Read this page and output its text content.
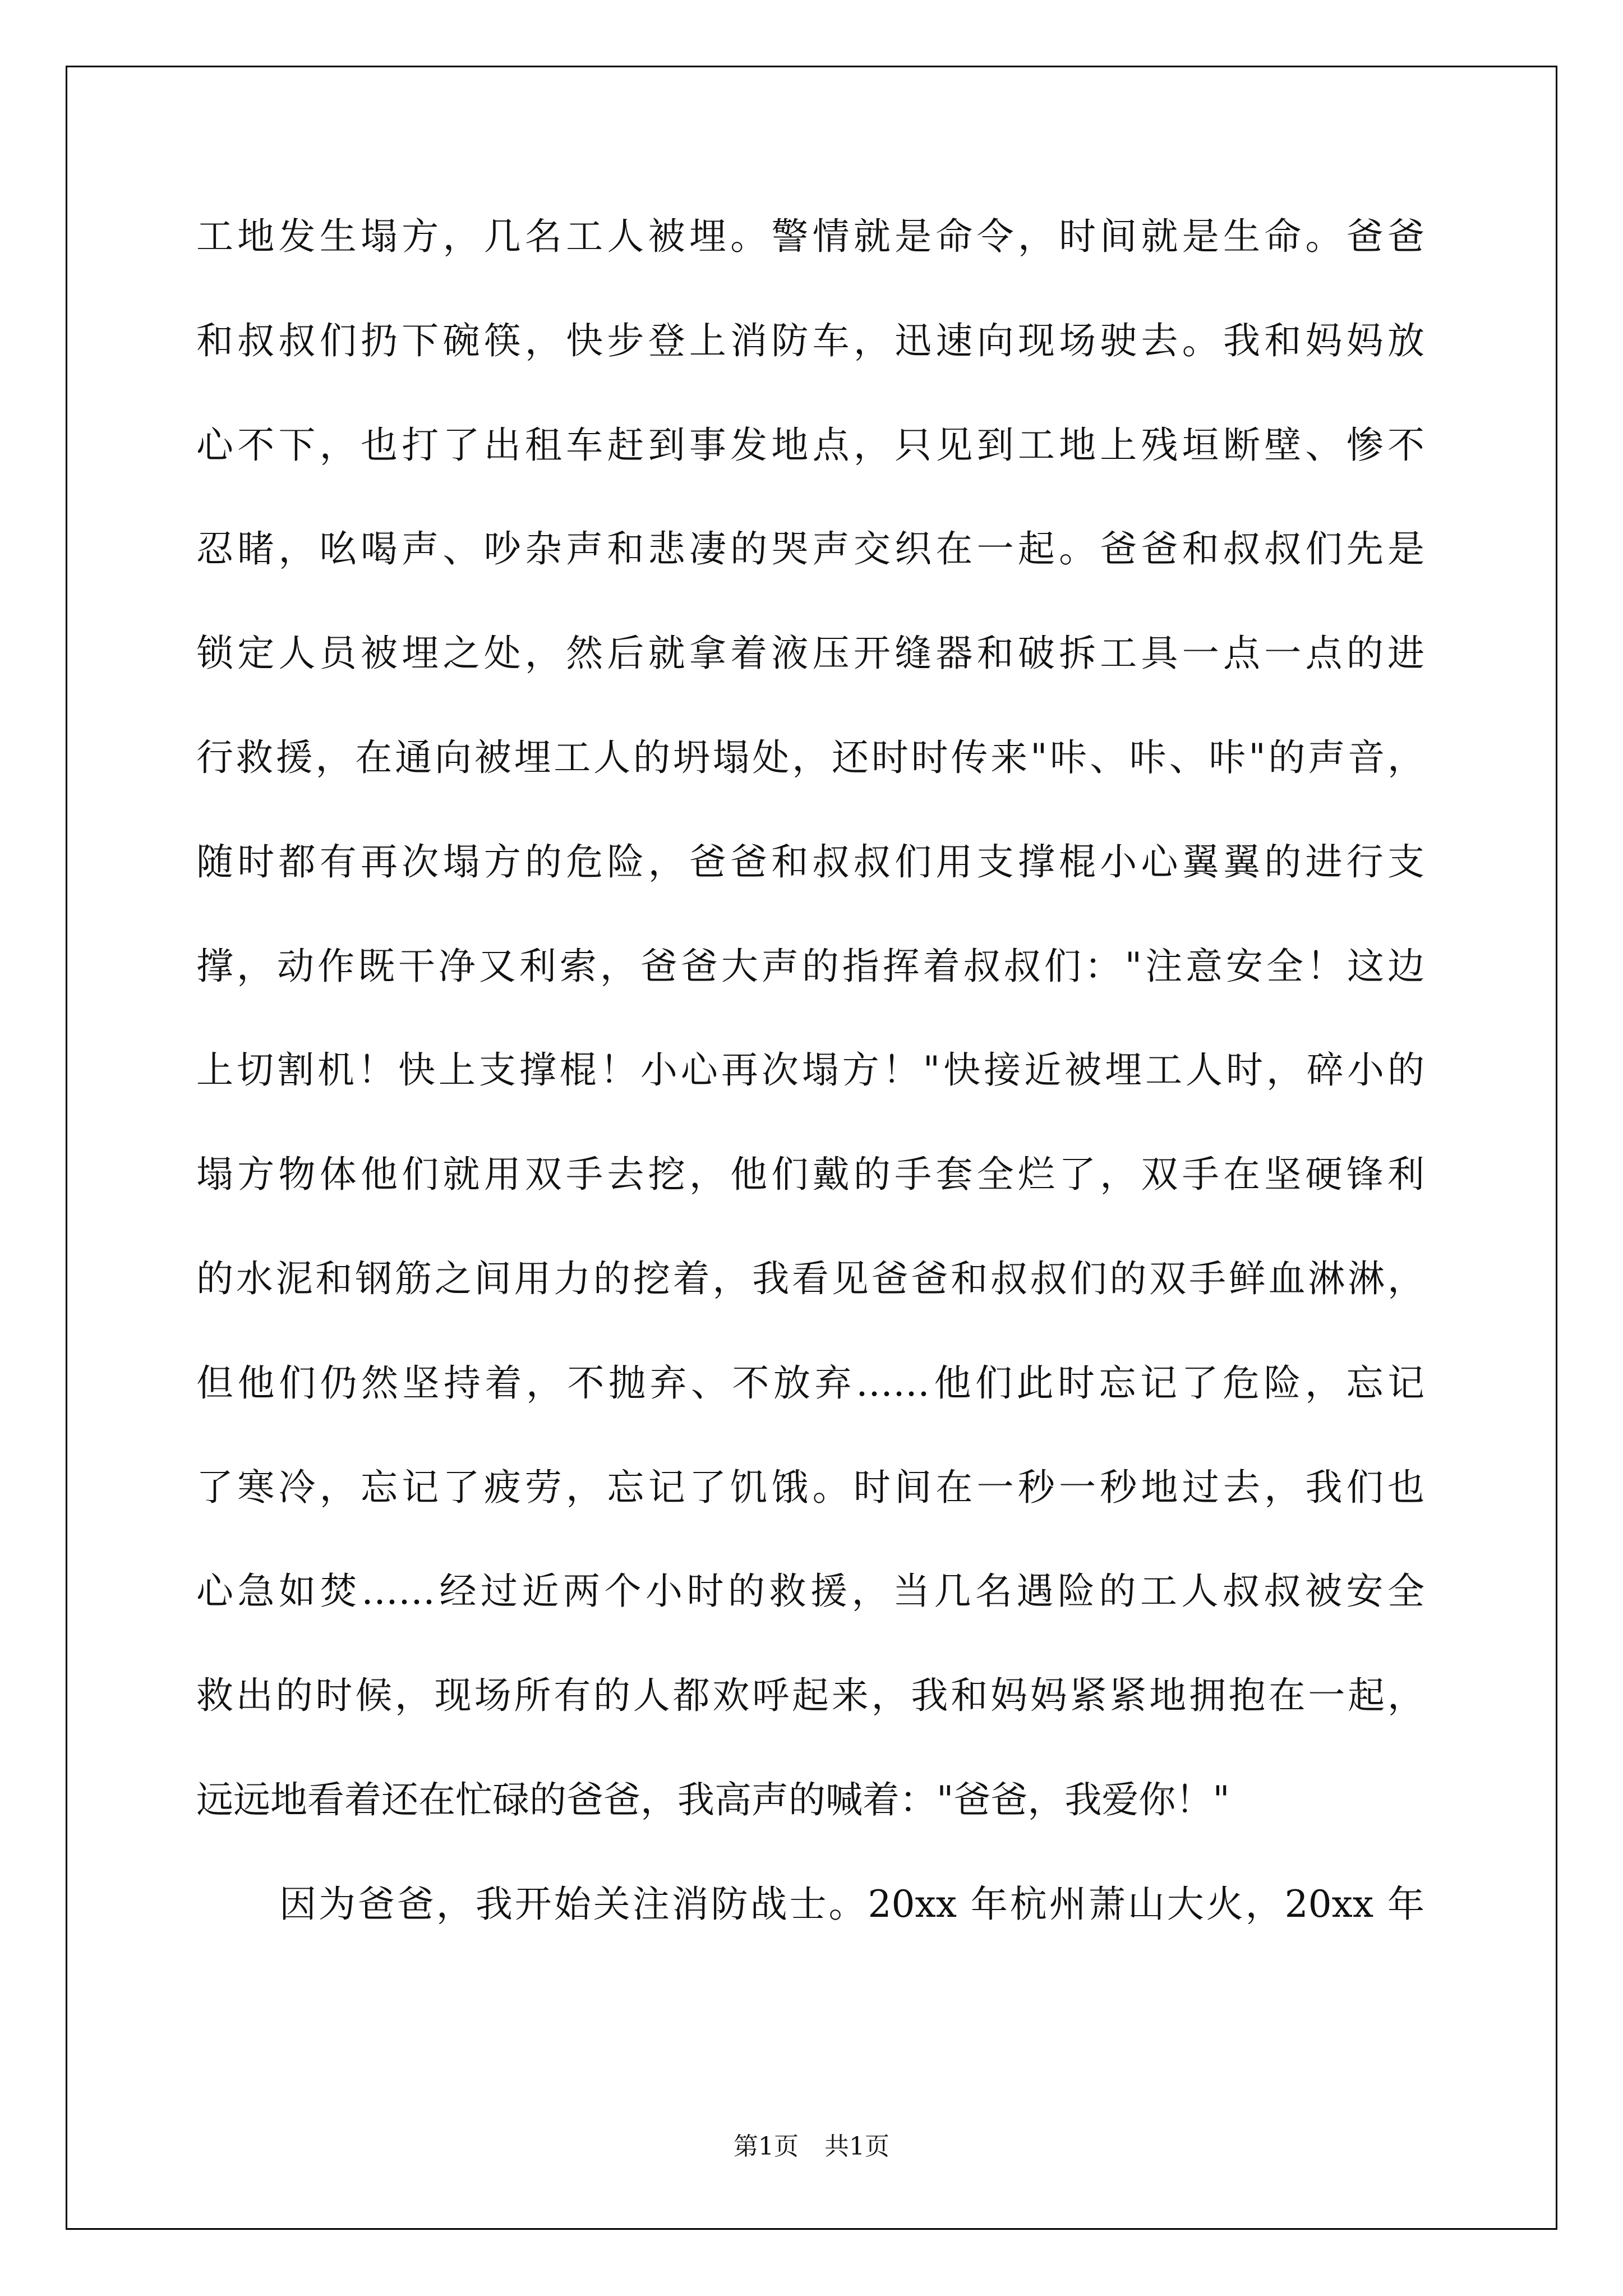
工地发生塌方，几名工人被埋。警情就是命令，时间就是生命。爸爸
和叔叔们扔下碗筷，快步登上消防车，迅速向现场驶去。我和妈妈放
心不下，也打了出租车赶到事发地点，只见到工地上残垣断壁、惨不
忍睹，吆喝声、吵杂声和悲凄的哭声交织在一起。爸爸和叔叔们先是
锁定人员被埋之处，然后就拿着液压开缝器和破拆工具一点一点的进
行救援，在通向被埋工人的坍塌处，还时时传来"咔、咔、咔"的声音，
随时都有再次塌方的危险，爸爸和叔叔们用支撑棍小心翼翼的进行支
撑，动作既干净又利索，爸爸大声的指挥着叔叔们："注意安全！这边
上切割机！快上支撑棍！小心再次塌方！"快接近被埋工人时，碎小的
塌方物体他们就用双手去挖，他们戴的手套全烂了，双手在坚硬锋利
的水泥和钢筋之间用力的挖着，我看见爸爸和叔叔们的双手鲜血淋淋，
但他们仍然坚持着，不抛弃、不放弃……他们此时忘记了危险，忘记
了寒冷，忘记了疲劳，忘记了饥饿。时间在一秒一秒地过去，我们也
心急如焚……经过近两个小时的救援，当几名遇险的工人叔叔被安全
救出的时候，现场所有的人都欢呼起来，我和妈妈紧紧地拥抱在一起，
远远地看着还在忙碌的爸爸，我高声的喊着："爸爸，我爱你！"
因为爸爸，我开始关注消防战士。20xx 年杭州萧山大火，20xx 年
第1页 共1页
